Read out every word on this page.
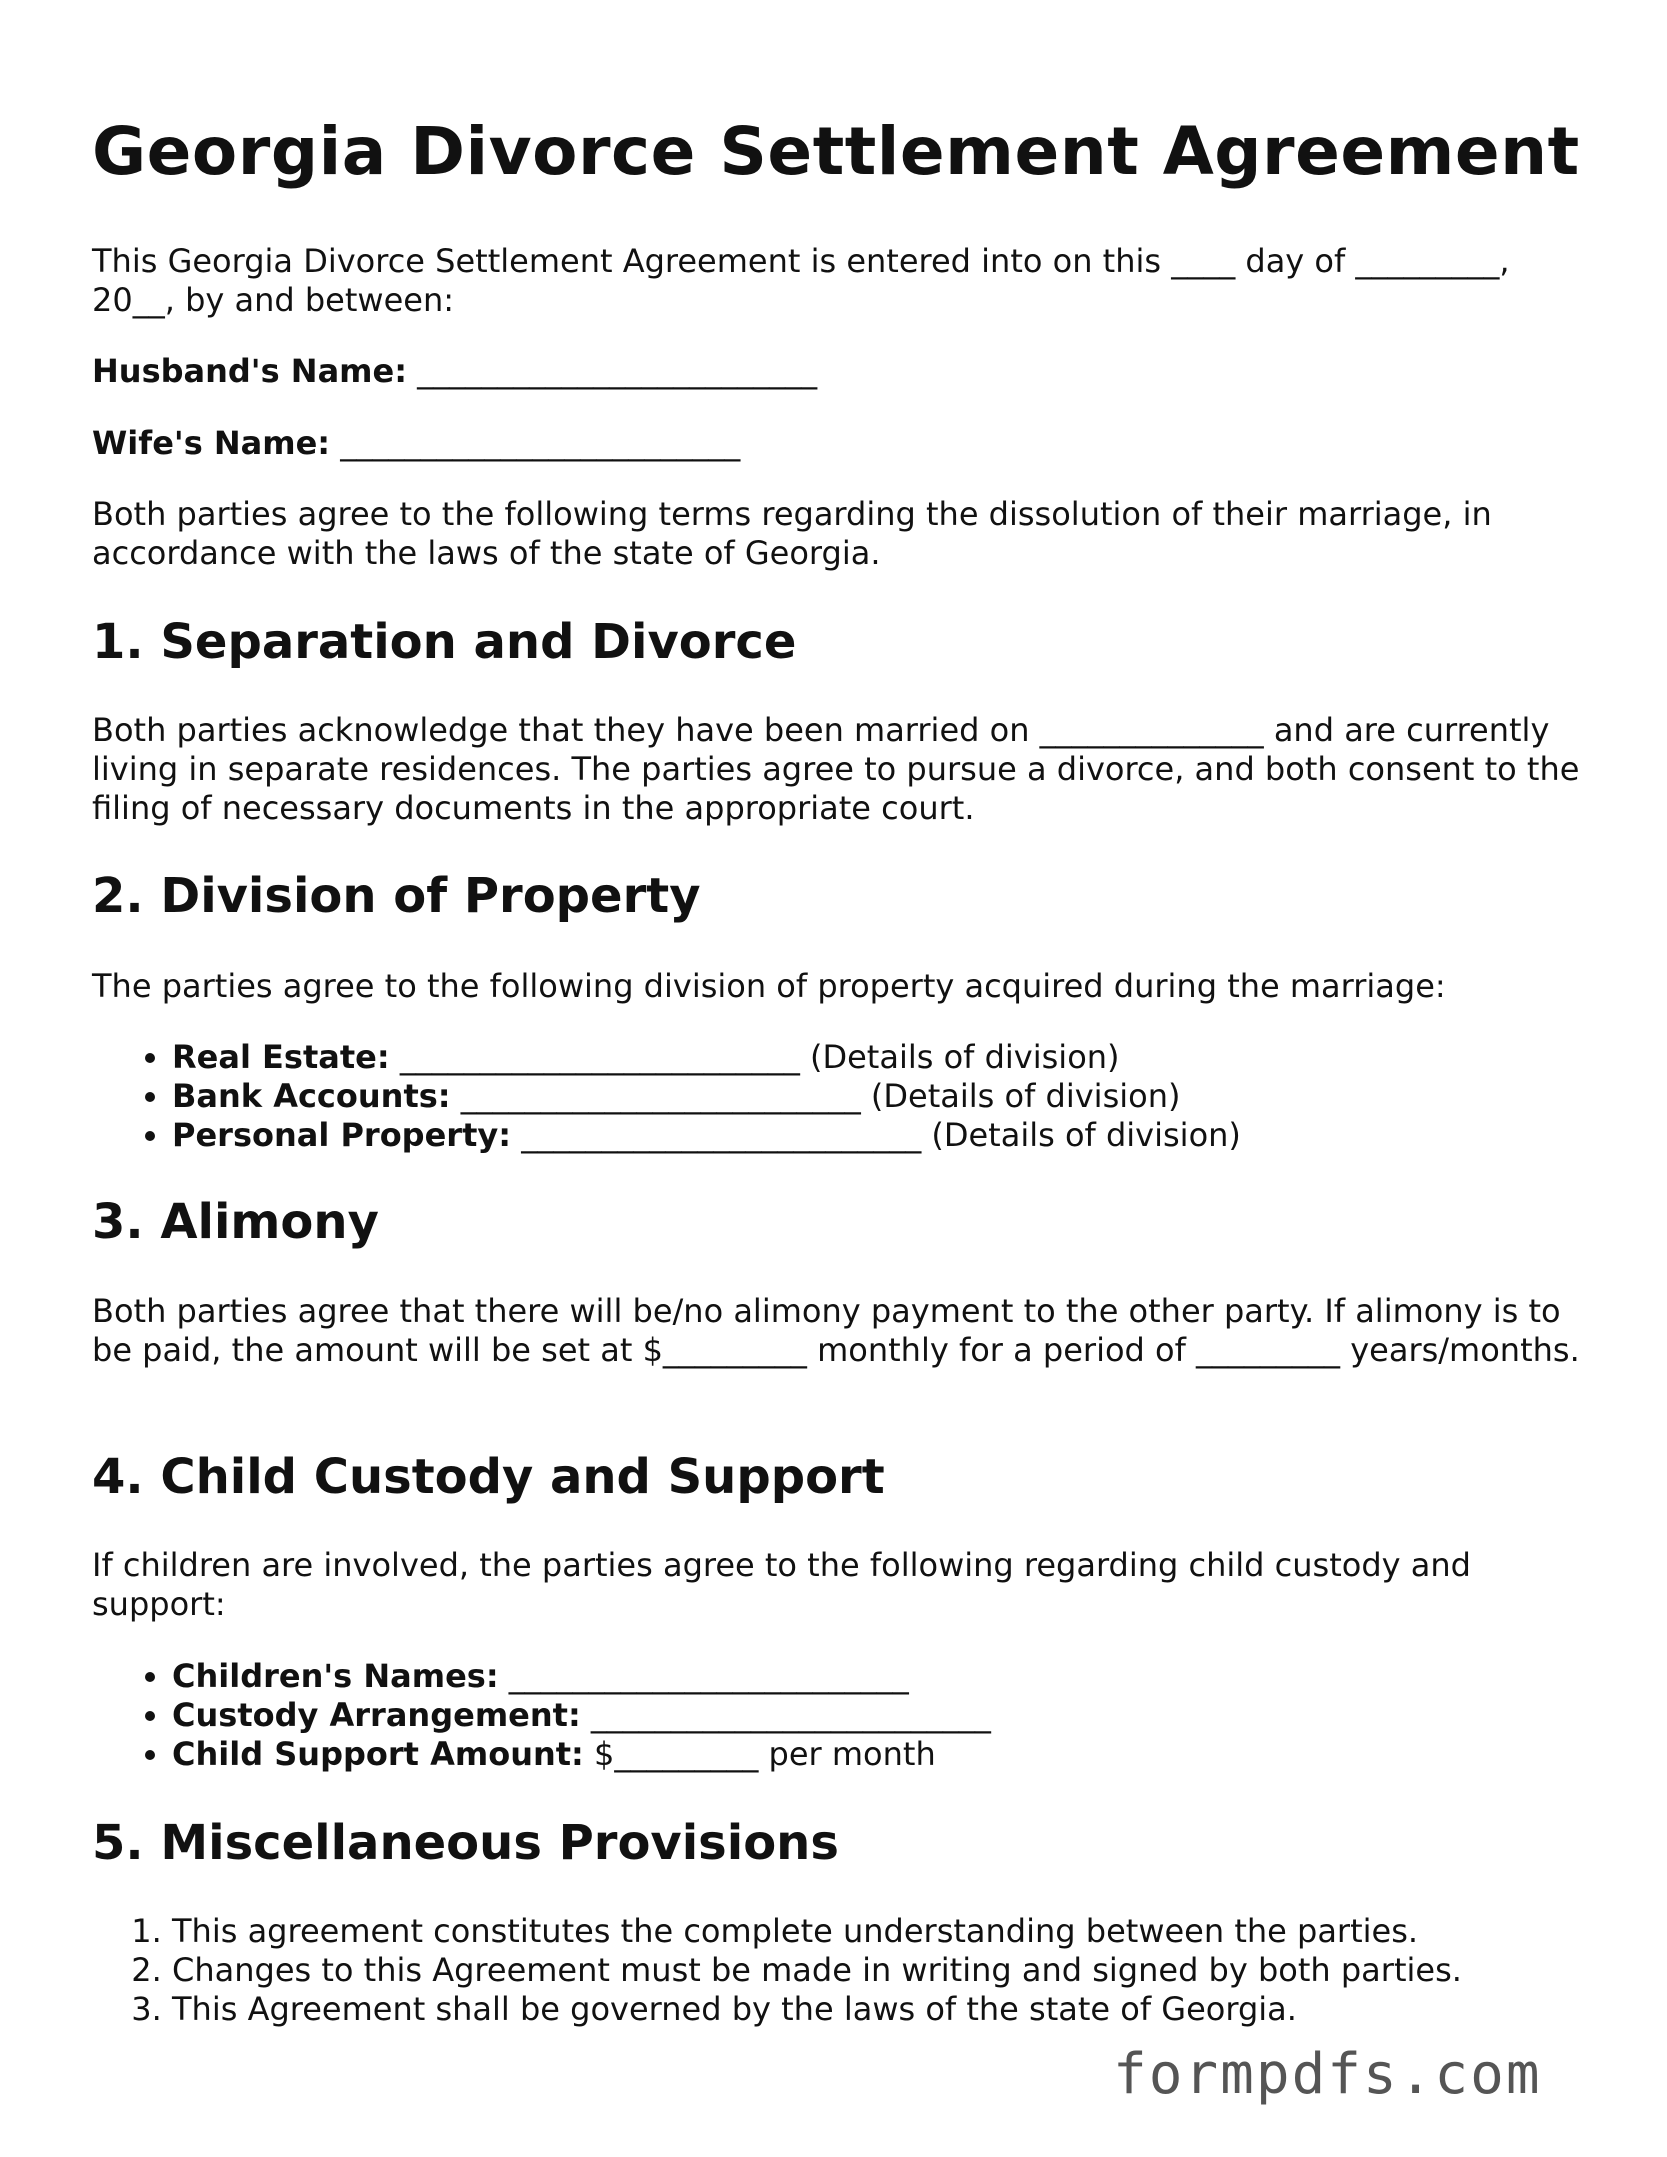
Georgia Divorce Settlement Agreement

This Georgia Divorce Settlement Agreement is entered into on this ____ day of _________, 20__, by and between:

Husband's Name: _________________________

Wife's Name: _________________________

Both parties agree to the following terms regarding the dissolution of their marriage, in accordance with the laws of the state of Georgia.

1. Separation and Divorce

Both parties acknowledge that they have been married on ______________ and are currently living in separate residences. The parties agree to pursue a divorce, and both consent to the filing of necessary documents in the appropriate court.

2. Division of Property

The parties agree to the following division of property acquired during the marriage:

• Real Estate: _________________________ (Details of division)
• Bank Accounts: _________________________ (Details of division)
• Personal Property: _________________________ (Details of division)
3. Alimony

Both parties agree that there will be/no alimony payment to the other party. If alimony is to be paid, the amount will be set at $_________ monthly for a period of _________ years/months.

4. Child Custody and Support

If children are involved, the parties agree to the following regarding child custody and support:

• Children's Names: _________________________
• Custody Arrangement: _________________________
• Child Support Amount: $_________ per month
5. Miscellaneous Provisions
1. This agreement constitutes the complete understanding between the parties.
2. Changes to this Agreement must be made in writing and signed by both parties.
3. This Agreement shall be governed by the laws of the state of Georgia.
formpdfs.com
